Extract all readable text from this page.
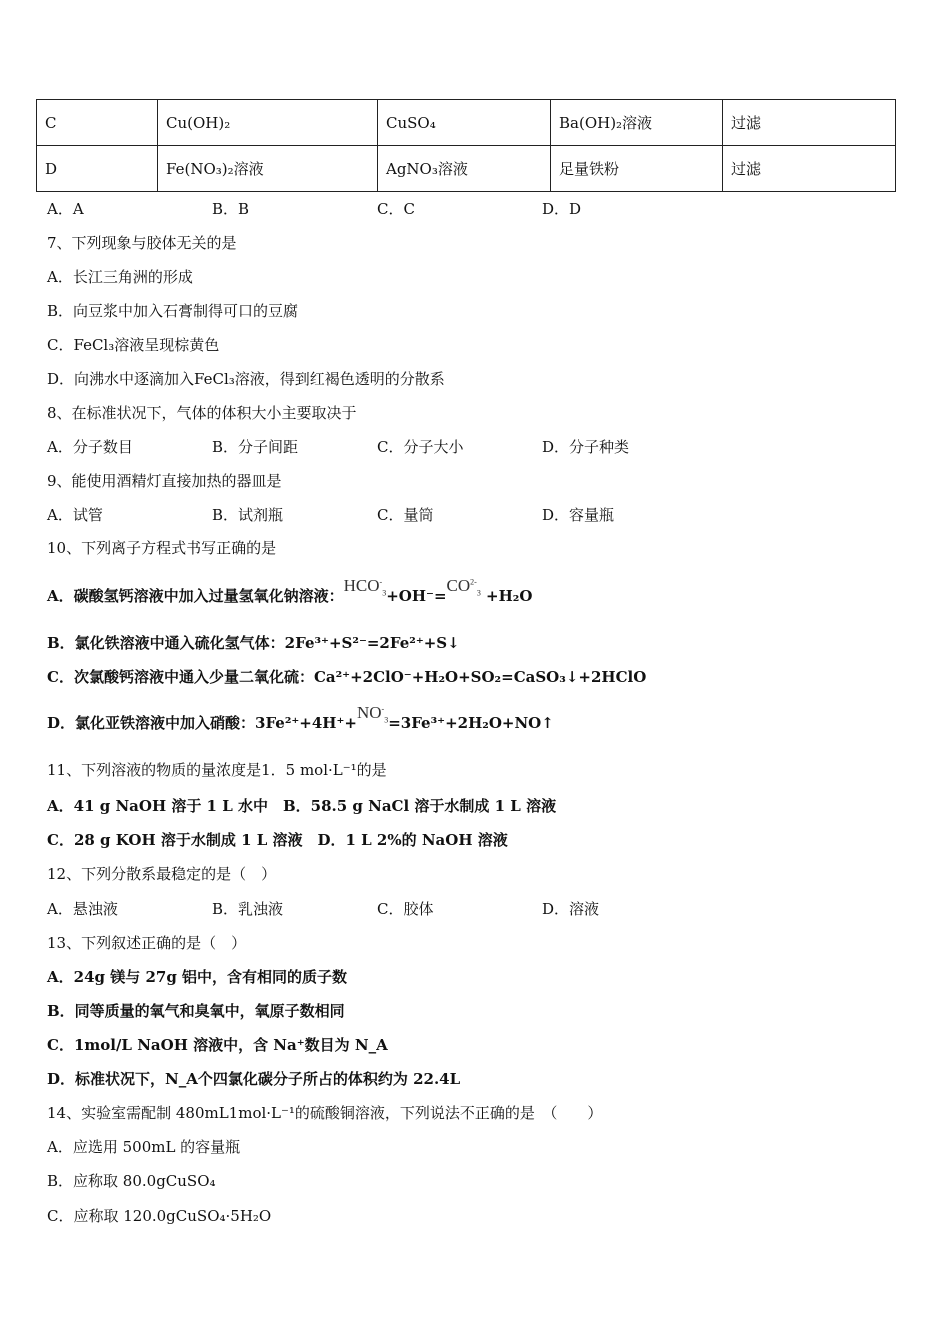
C	Cu(OH)₂	CuSO₄	Ba(OH)₂溶液	过滤
D	Fe(NO₃)₂溶液	AgNO₃溶液	足量铁粉	过滤
A．A	B．B	C．C	D．D
7、下列现象与胶体无关的是
A．长江三角洲的形成
B．向豆浆中加入石膏制得可口的豆腐
C．FeCl₃溶液呈现棕黄色
D．向沸水中逐滴加入FeCl₃溶液，得到红褐色透明的分散系
8、在标准状况下，气体的体积大小主要取决于
A．分子数目	B．分子间距	C．分子大小	D．分子种类
9、能使用酒精灯直接加热的器皿是
A．试管	B．试剂瓶	C．量筒	D．容量瓶
10、下列离子方程式书写正确的是
A．碳酸氢钙溶液中加入过量氢氧化钠溶液：$HCO^-_3+OH^-=CO^{2-}_3 +H_2O$
B．氯化铁溶液中通入硫化氢气体：2Fe³⁺+S²⁻=2Fe²⁺+S↓
C．次氯酸钙溶液中通入少量二氧化硫：Ca²⁺+2ClO⁻+H₂O+SO₂=CaSO₃↓+2HClO
D．氯化亚铁溶液中加入硝酸：$3Fe^{2+}+4H^++NO^-_3=3Fe^{3+}+2H_2O+NO↑$
11、下列溶液的物质的量浓度是1．5 mol·L⁻¹的是
A．41 g NaOH 溶于 1 L 水中　B．58.5 g NaCl 溶于水制成 1 L 溶液
C．28 g KOH 溶于水制成 1 L 溶液　D．1 L 2%的 NaOH 溶液
12、下列分散系最稳定的是（　）
A．悬浊液	B．乳浊液	C．胶体	D．溶液
13、下列叙述正确的是（　）
A．24g 镁与 27g 铝中，含有相同的质子数
B．同等质量的氧气和臭氧中，氧原子数相同
C．1mol/L NaOH 溶液中，含 Na⁺数目为 N_A
D．标准状况下，N_A个四氯化碳分子所占的体积约为 22.4L
14、实验室需配制 480mL1mol·L⁻¹的硫酸铜溶液，下列说法不正确的是　（　　）
A．应选用 500mL 的容量瓶
B．应称取 80.0gCuSO₄
C．应称取 120.0gCuSO₄·5H₂O
